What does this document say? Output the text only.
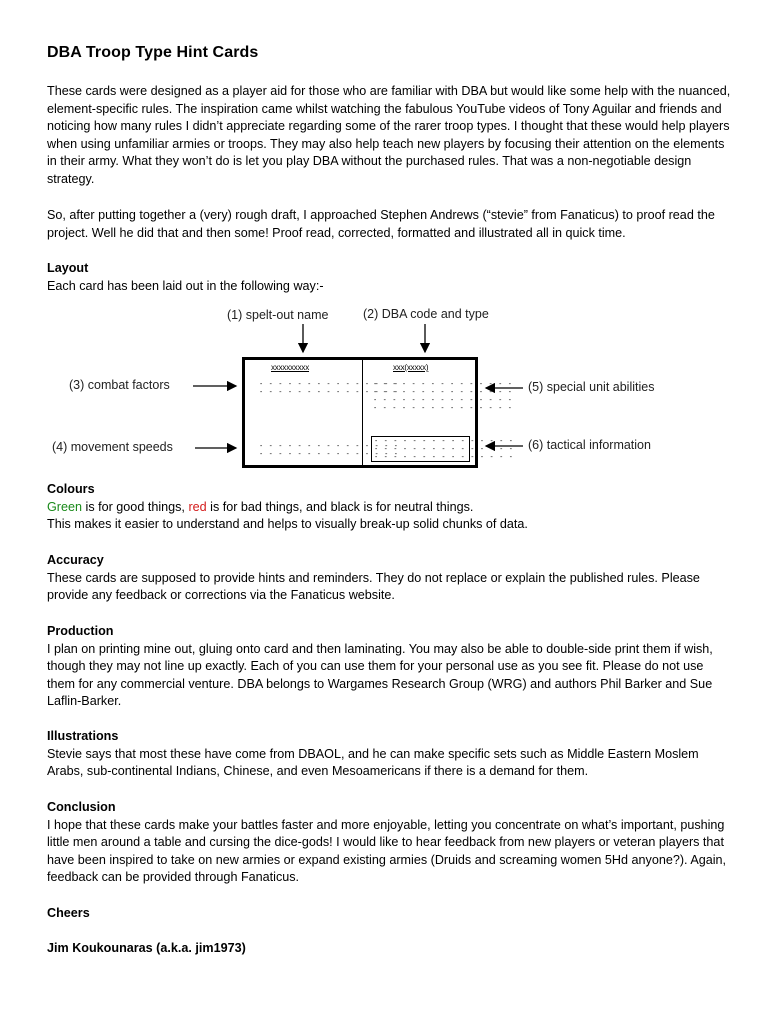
DBA Troop Type Hint Cards

These cards were designed as a player aid for those who are familiar with DBA but would like some help with the nuanced, element-specific rules. The inspiration came whilst watching the fabulous YouTube videos of Tony Aguilar and friends and noticing how many rules I didn’t appreciate regarding some of the rarer troop types. I thought that these would help players when using unfamiliar armies or troops. They may also help teach new players by focusing their attention on the elements in their army. What they won’t do is let you play DBA without the purchased rules. That was a non-negotiable design strategy.

So, after putting together a (very) rough draft, I approached Stephen Andrews (“stevie” from Fanaticus) to proof read the project. Well he did that and then some! Proof read, corrected, formatted and illustrated all in quick time.

Layout
Each card has been laid out in the following way:-

(1) spelt-out name	(2) DBA code and type
(3) combat factors
(4) movement speeds
(5) special unit abilities
(6) tactical information
xxxxxxxxxx	xxx(xxxxx)
- - - - - - - - - - - - - - -
- - - - - - - - - - - - - - -
- - - - - - - - - - - - - - -
- - - - - - - - - - - - - - -
- - - - - - - - - - - - - - -
- - - - - - - - - - - - - - -
- - - - - - - - - - - - - - -
- - - - - - - - - - - - - - -
- - - - - - - - - - - - - - -
- - - - - - - - - - - - - - -
- - - - - - - - - - - - - - -

Colours
Green is for good things, red is for bad things, and black is for neutral things.
This makes it easier to understand and helps to visually break-up solid chunks of data.

Accuracy
These cards are supposed to provide hints and reminders. They do not replace or explain the published rules. Please provide any feedback or corrections via the Fanaticus website.

Production
I plan on printing mine out, gluing onto card and then laminating. You may also be able to double-side print them if wish, though they may not line up exactly. Each of you can use them for your personal use as you see fit. Please do not use them for any commercial venture. DBA belongs to Wargames Research Group (WRG) and authors Phil Barker and Sue Laflin-Barker.

Illustrations
Stevie says that most these have come from DBAOL, and he can make specific sets such as Middle Eastern Moslem Arabs, sub-continental Indians, Chinese, and even Mesoamericans if there is a demand for them.

Conclusion
I hope that these cards make your battles faster and more enjoyable, letting you concentrate on what’s important, pushing little men around a table and cursing the dice-gods! I would like to hear feedback from new players or veteran players that have been inspired to take on new armies or expand existing armies (Druids and screaming women 5Hd anyone?). Again, feedback can be provided through Fanaticus.

Cheers

Jim Koukounaras (a.k.a. jim1973)
